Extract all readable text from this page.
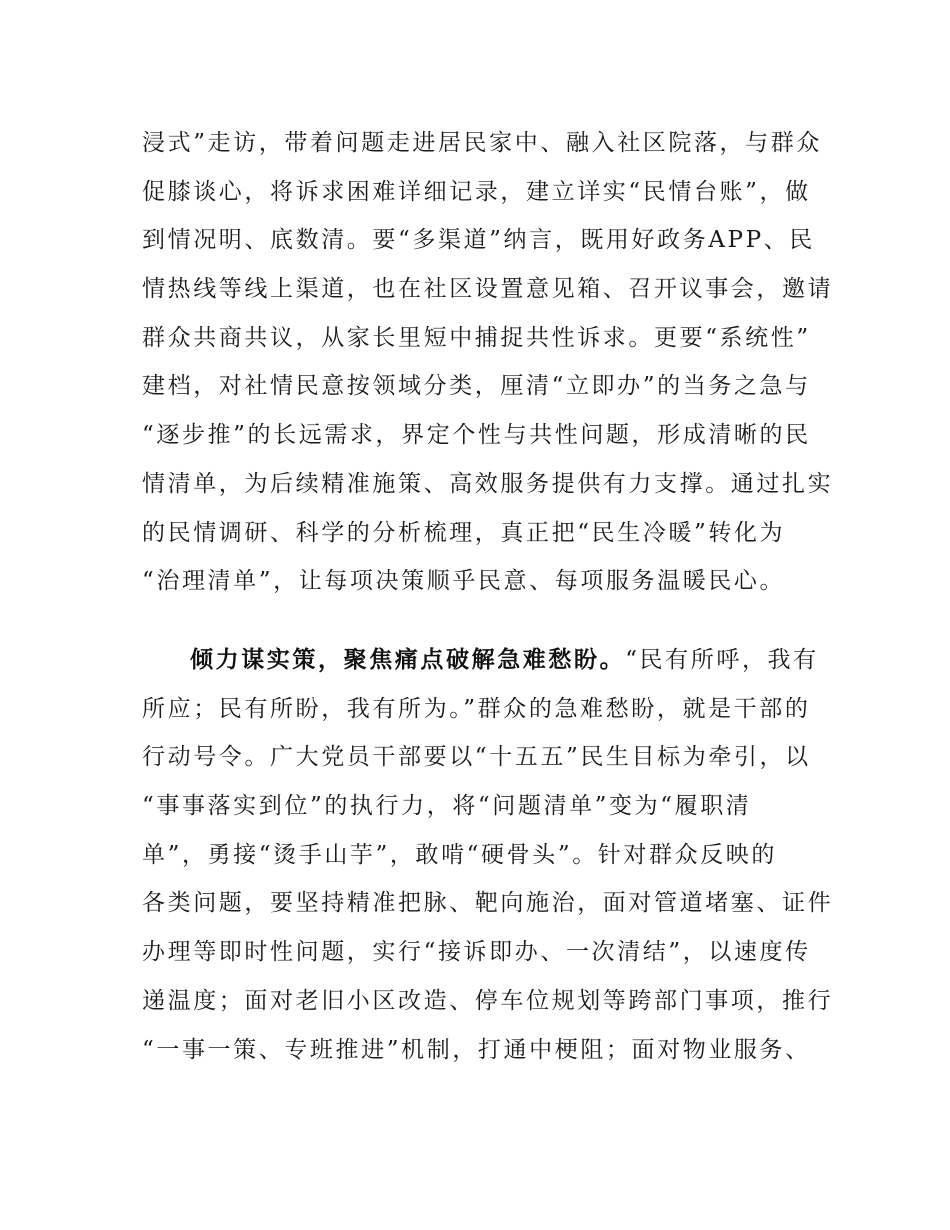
浸式”走访，带着问题走进居民家中、融入社区院落，与群众
促膝谈心，将诉求困难详细记录，建立详实“民情台账”，做
到情况明、底数清。要“多渠道”纳言，既用好政务APP、民
情热线等线上渠道，也在社区设置意见箱、召开议事会，邀请
群众共商共议，从家长里短中捕捉共性诉求。更要“系统性”
建档，对社情民意按领域分类，厘清“立即办”的当务之急与
“逐步推”的长远需求，界定个性与共性问题，形成清晰的民
情清单，为后续精准施策、高效服务提供有力支撑。通过扎实
的民情调研、科学的分析梳理，真正把“民生冷暖”转化为
“治理清单”，让每项决策顺乎民意、每项服务温暖民心。
倾力谋实策，聚焦痛点破解急难愁盼。“民有所呼，我有
所应；民有所盼，我有所为。”群众的急难愁盼，就是干部的
行动号令。广大党员干部要以“十五五”民生目标为牵引，以
“事事落实到位”的执行力，将“问题清单”变为“履职清
单”，勇接“烫手山芋”，敢啃“硬骨头”。针对群众反映的
各类问题，要坚持精准把脉、靶向施治，面对管道堵塞、证件
办理等即时性问题，实行“接诉即办、一次清结”，以速度传
递温度；面对老旧小区改造、停车位规划等跨部门事项，推行
“一事一策、专班推进”机制，打通中梗阻；面对物业服务、
